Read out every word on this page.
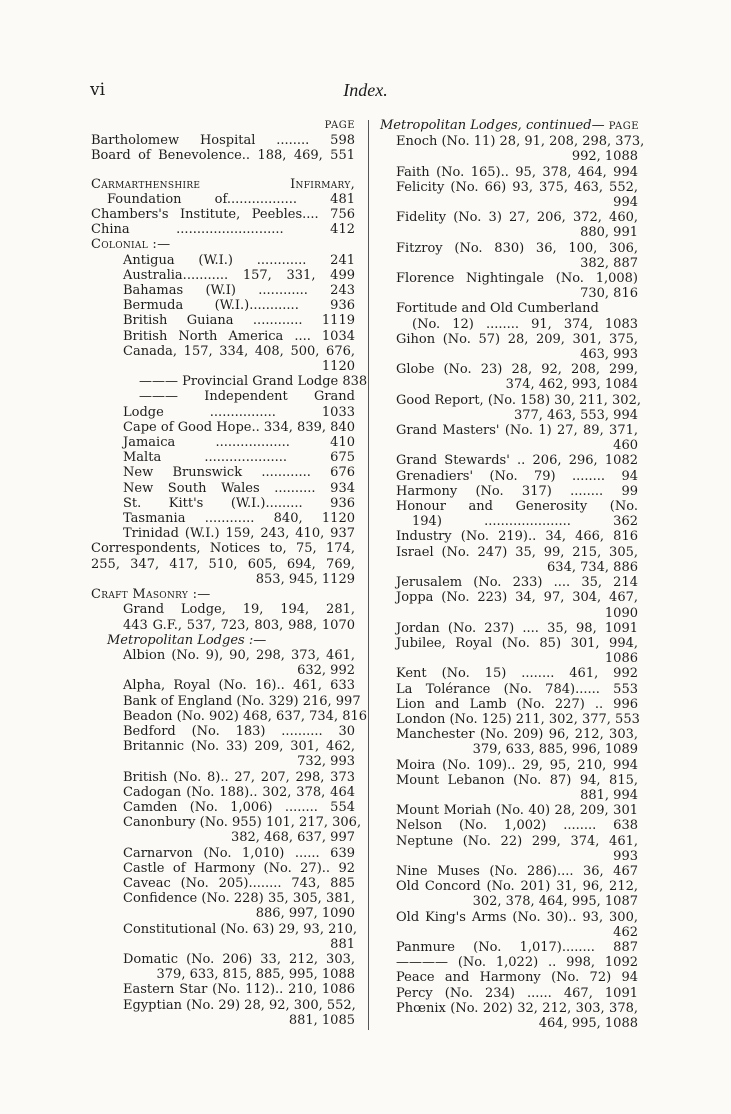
vi	Index.
PAGE
Bartholomew Hospital ........ 598
Board of Benevolence.. 188, 469, 551
Carmarthenshire Infirmary,
Foundation of................. 481
Chambers's Institute, Peebles.... 756
China .......................... 412
Colonial :—
Antigua (W.I.) ............ 241
Australia........... 157, 331, 499
Bahamas (W.I) ............ 243
Bermuda (W.I.)............ 936
British Guiana ............ 1119
British North America .... 1034
Canada, 157, 334, 408, 500, 676,
1120
——— Provincial Grand Lodge 838
——— Independent Grand
Lodge ................ 1033
Cape of Good Hope.. 334, 839, 840
Jamaica .................. 410
Malta .................... 675
New Brunswick ............ 676
New South Wales .......... 934
St. Kitt's (W.I.)......... 936
Tasmania ............ 840, 1120
Trinidad (W.I.) 159, 243, 410, 937
Correspondents, Notices to, 75, 174,
255, 347, 417, 510, 605, 694, 769,
853, 945, 1129
Craft Masonry :—
Grand Lodge, 19, 194, 281,
443 G.F., 537, 723, 803, 988, 1070
Metropolitan Lodges :—
Albion (No. 9), 90, 298, 373, 461,
632, 992
Alpha, Royal (No. 16).. 461, 633
Bank of England (No. 329) 216, 997
Beadon (No. 902) 468, 637, 734, 816
Bedford (No. 183) .......... 30
Britannic (No. 33) 209, 301, 462,
732, 993
British (No. 8).. 27, 207, 298, 373
Cadogan (No. 188).. 302, 378, 464
Camden (No. 1,006) ........ 554
Canonbury (No. 955) 101, 217, 306,
382, 468, 637, 997
Carnarvon (No. 1,010) ...... 639
Castle of Harmony (No. 27).. 92
Caveac (No. 205)........ 743, 885
Confidence (No. 228) 35, 305, 381,
886, 997, 1090
Constitutional (No. 63) 29, 93, 210,
881
Domatic (No. 206) 33, 212, 303,
379, 633, 815, 885, 995, 1088
Eastern Star (No. 112).. 210, 1086
Egyptian (No. 29) 28, 92, 300, 552,
881, 1085
Metropolitan Lodges, continued— PAGE
Enoch (No. 11) 28, 91, 208, 298, 373,
992, 1088
Faith (No. 165).. 95, 378, 464, 994
Felicity (No. 66) 93, 375, 463, 552,
994
Fidelity (No. 3) 27, 206, 372, 460,
880, 991
Fitzroy (No. 830) 36, 100, 306,
382, 887
Florence Nightingale (No. 1,008)
730, 816
Fortitude and Old Cumberland
(No. 12) ........ 91, 374, 1083
Gihon (No. 57) 28, 209, 301, 375,
463, 993
Globe (No. 23) 28, 92, 208, 299,
374, 462, 993, 1084
Good Report, (No. 158) 30, 211, 302,
377, 463, 553, 994
Grand Masters' (No. 1) 27, 89, 371,
460
Grand Stewards' .. 206, 296, 1082
Grenadiers' (No. 79) ........ 94
Harmony (No. 317) ........ 99
Honour and Generosity (No.
194) ..................... 362
Industry (No. 219).. 34, 466, 816
Israel (No. 247) 35, 99, 215, 305,
634, 734, 886
Jerusalem (No. 233) .... 35, 214
Joppa (No. 223) 34, 97, 304, 467,
1090
Jordan (No. 237) .... 35, 98, 1091
Jubilee, Royal (No. 85) 301, 994,
1086
Kent (No. 15) ........ 461, 992
La Tolérance (No. 784)...... 553
Lion and Lamb (No. 227) .. 996
London (No. 125) 211, 302, 377, 553
Manchester (No. 209) 96, 212, 303,
379, 633, 885, 996, 1089
Moira (No. 109).. 29, 95, 210, 994
Mount Lebanon (No. 87) 94, 815,
881, 994
Mount Moriah (No. 40) 28, 209, 301
Nelson (No. 1,002) ........ 638
Neptune (No. 22) 299, 374, 461,
993
Nine Muses (No. 286).... 36, 467
Old Concord (No. 201) 31, 96, 212,
302, 378, 464, 995, 1087
Old King's Arms (No. 30).. 93, 300,
462
Panmure (No. 1,017)........ 887
———— (No. 1,022) .. 998, 1092
Peace and Harmony (No. 72) 94
Percy (No. 234) ...... 467, 1091
Phœnix (No. 202) 32, 212, 303, 378,
464, 995, 1088
